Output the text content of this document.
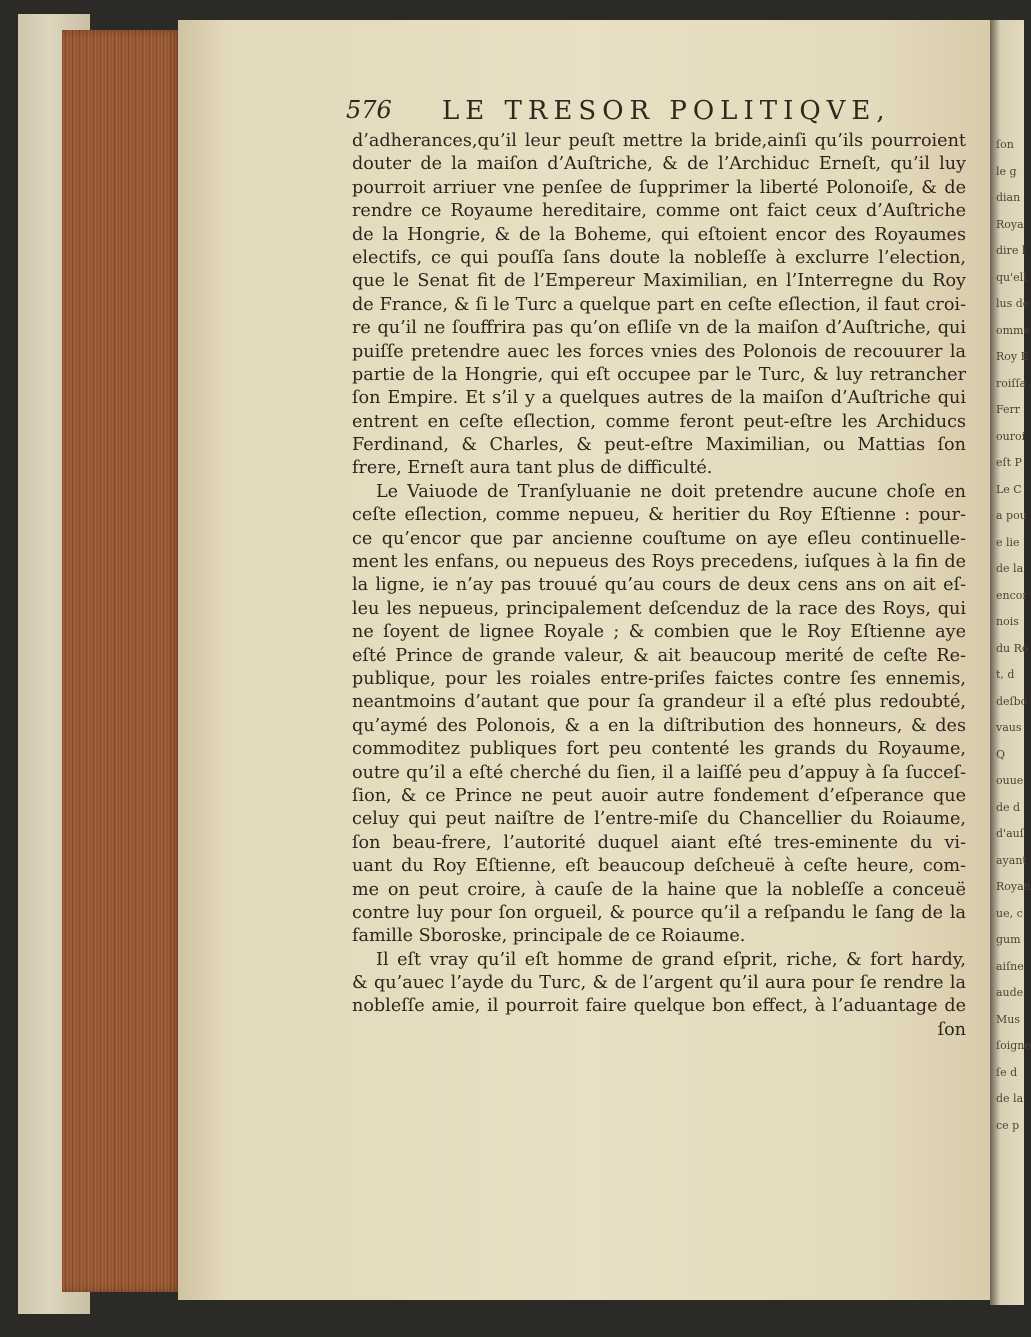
ſon
le g
dian
Roya
dire l
qu'ell
lus de
omme
Roy E
roiſſa
Ferr
ouroi
eſt P
Le C
a pou
e lie
de la
encor
nois
du Ro
t, d
deſbo
vaus
Q
ouue
de d
d'auſ
ayant
Royan
ue, c
gum
aiſne
aude
Mus
ſoigne
ſe d
de la
ce p
576 LE TRESOR POLITIQVE,
d’adherances,qu’il leur peuſt mettre la bride,ainſi qu’ils pourroient
douter de la maiſon d’Auſtriche, & de l’Archiduc Erneſt, qu’il luy
pourroit arriuer vne penſee de ſupprimer la liberté Polonoiſe, & de
rendre ce Royaume hereditaire, comme ont faict ceux d’Auſtriche
de la Hongrie, & de la Boheme, qui eſtoient encor des Royaumes
electifs, ce qui pouſſa ſans doute la nobleſſe à exclurre l’election,
que le Senat fit de l’Empereur Maximilian, en l’Interregne du Roy
de France, & ſi le Turc a quelque part en ceſte eſlection, il faut croi-
re qu’il ne ſouffrira pas qu’on eſliſe vn de la maiſon d’Auſtriche, qui
puiſſe pretendre auec les forces vnies des Polonois de recouurer la
partie de la Hongrie, qui eſt occupee par le Turc, & luy retrancher
ſon Empire. Et s’il y a quelques autres de la maiſon d’Auſtriche qui
entrent en ceſte eſlection, comme feront peut-eſtre les Archiducs
Ferdinand, & Charles, & peut-eſtre Maximilian, ou Mattias ſon
frere, Erneſt aura tant plus de difficulté.
Le Vaiuode de Tranſyluanie ne doit pretendre aucune choſe en
ceſte eſlection, comme nepueu, & heritier du Roy Eſtienne : pour-
ce qu’encor que par ancienne couſtume on aye eſleu continuelle-
ment les enfans, ou nepueus des Roys precedens, iuſques à la fin de
la ligne, ie n’ay pas trouué qu’au cours de deux cens ans on ait eſ-
leu les nepueus, principalement deſcenduz de la race des Roys, qui
ne ſoyent de lignee Royale ; & combien que le Roy Eſtienne aye
eſté Prince de grande valeur, & ait beaucoup merité de ceſte Re-
publique, pour les roiales entre-priſes faictes contre ſes ennemis,
neantmoins d’autant que pour ſa grandeur il a eſté plus redoubté,
qu’aymé des Polonois, & a en la diſtribution des honneurs, & des
commoditez publiques fort peu contenté les grands du Royaume,
outre qu’il a eſté cherché du ſien, il a laiſſé peu d’appuy à ſa ſucceſ-
ſion, & ce Prince ne peut auoir autre fondement d’eſperance que
celuy qui peut naiſtre de l’entre-miſe du Chancellier du Roiaume,
ſon beau-frere, l’autorité duquel aiant eſté tres-eminente du vi-
uant du Roy Eſtienne, eſt beaucoup deſcheuë à ceſte heure, com-
me on peut croire, à cauſe de la haine que la nobleſſe a conceuë
contre luy pour ſon orgueil, & pource qu’il a reſpandu le ſang de la
famille Sboroske, principale de ce Roiaume.
Il eſt vray qu’il eſt homme de grand eſprit, riche, & fort hardy,
& qu’auec l’ayde du Turc, & de l’argent qu’il aura pour ſe rendre la
nobleſſe amie, il pourroit faire quelque bon effect, à l’aduantage de
ſon
